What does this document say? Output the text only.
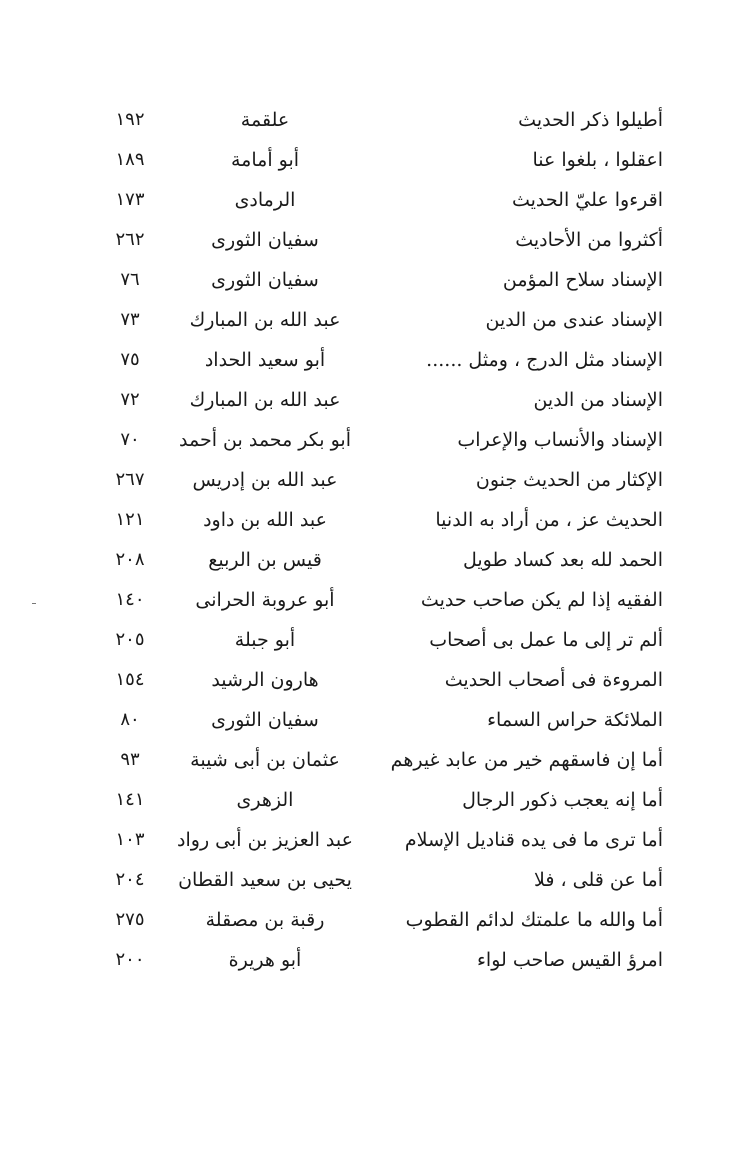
أطيلوا ذكر الحديث
علقمة
١٩٢
اعقلوا ، بلغوا عنا
أبو أمامة
١٨٩
اقرءوا عليّ الحديث
الرمادى
١٧٣
أكثروا من الأحاديث
سفيان الثورى
٢٦٢
الإسناد سلاح المؤمن
سفيان الثورى
٧٦
الإسناد عندى من الدين
عبد الله بن المبارك
٧٣
الإسناد مثل الدرج ، ومثل ......
أبو سعيد الحداد
٧٥
الإسناد من الدين
عبد الله بن المبارك
٧٢
الإسناد والأنساب والإعراب
أبو بكر محمد بن أحمد
٧٠
الإكثار من الحديث جنون
عبد الله بن إدريس
٢٦٧
الحديث عز ، من أراد به الدنيا
عبد الله بن داود
١٢١
الحمد لله بعد كساد طويل
قيس بن الربيع
٢٠٨
الفقيه إذا لم يكن صاحب حديث
أبو عروبة الحرانى
١٤٠
ألم تر إلى ما عمل بى أصحاب
أبو جبلة
٢٠٥
المروءة فى أصحاب الحديث
هارون الرشيد
١٥٤
الملائكة حراس السماء
سفيان الثورى
٨٠
أما إن فاسقهم خير من عابد غيرهم
عثمان بن أبى شيبة
٩٣
أما إنه يعجب ذكور الرجال
الزهرى
١٤١
أما ترى ما فى يده قناديل الإسلام
عبد العزيز بن أبى رواد
١٠٣
أما عن قلى ، فلا
يحيى بن سعيد القطان
٢٠٤
أما والله ما علمتك لدائم القطوب
رقبة بن مصقلة
٢٧٥
امرؤ القيس صاحب لواء
أبو هريرة
٢٠٠
